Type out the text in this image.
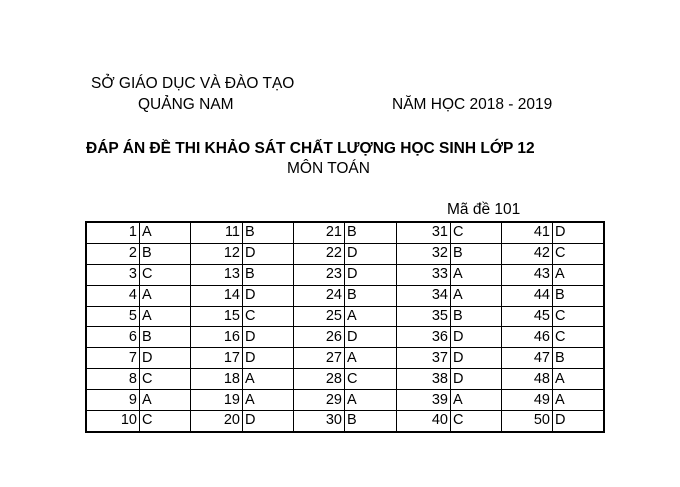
SỞ GIÁO DỤC VÀ ĐÀO TẠO
QUẢNG NAM	NĂM HỌC 2018 - 2019
ĐÁP ÁN ĐỀ THI KHẢO SÁT CHẤT LƯỢNG HỌC SINH LỚP 12
MÔN TOÁN
Mã đề 101
1	A	11	B	21	B	31	C	41	D
2	B	12	D	22	D	32	B	42	C
3	C	13	B	23	D	33	A	43	A
4	A	14	D	24	B	34	A	44	B
5	A	15	C	25	A	35	B	45	C
6	B	16	D	26	D	36	D	46	C
7	D	17	D	27	A	37	D	47	B
8	C	18	A	28	C	38	D	48	A
9	A	19	A	29	A	39	A	49	A
10	C	20	D	30	B	40	C	50	D
